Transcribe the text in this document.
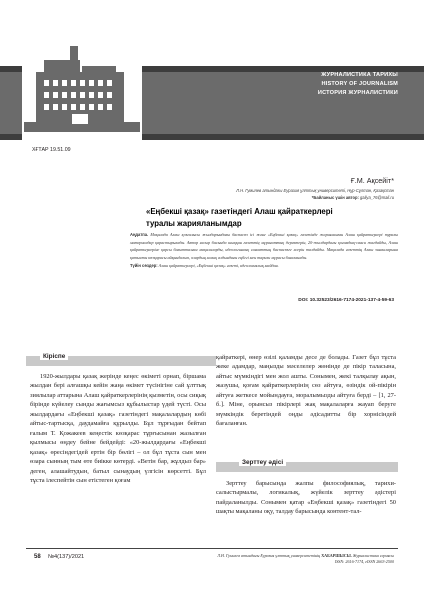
ЖУРНАЛИСТИКА ТАРИХЫ
HISTORY OF JOURNALISM
ИСТОРИЯ ЖУРНАЛИСТИКИ
ХҒТАР 19.51.09
Ғ.М. Ақсейіт*
Л.Н. Гумилев атындағы Еуразия ұлттық университеті, Нұр-Сұлтан, Қазақстан
*Байланыс үшін автор: galiya_76@mail.ru
«Еңбекші қазақ» газетіндегі Алаш қайраткерлері туралы жарияланымдар
Аңдатпа. Мақалада Алаш қозғалысы жылдарындағы баспасөз ісі және «Еңбекші қазақ» газетінде жарияланған Алаш қайраткерлері туралы материалдар қарастырылады. Автор ғасыр басында шыққан газеттің мұрағаттық деректерін, 20-жылдардағы қоғамдық-саяси жағдайды, Алаш қайраткерлеріне қарсы бағытталған мақалаларды, идеологиялық саясаттың баспасөзге әсерін талдайды. Мақалада газеттің Алаш зиялыларына қатысты көзқарасы айқындалып, олардың халық алдындағы еңбегі мен тарихи мұрасы бағаланады.
Түйін сөздер: Алаш қайраткерлері, «Еңбекші қазақ» газеті, идеологиялық майдан.
DOI: 10.32523/2616-7174-2021-137-4-59-63
Кіріспе

1920-жылдары қазақ жерінде кеңес өкіметі орнап, біршама жылдан бері алғашқы кейін жаңа өкімет түсінігіне сай ұлттық зиялылар аттарына Алаш қайраткерлерінің қызметін, осы сиқық бірінде күйелеу сынды жағымсыз құбылыстар үдей түсті. Осы жылдардағы «Еңбекші қазақ» газетіндегі мақалалардың көбі айтыс-тартысқа, даудамайға құрылды. Бұл тұрғыдан бейтап ғалым Т. Қожакеев кеңестік көзқарас тұрғысынан жазылған қылмысы өңдеу бейне бейдейді: «20-жылдардағы «Еңбекші қазақ» өресіндегідей ертін бір бөлігі – ол бұл тұста сын мен өзара сынның тым өте биікке көтерді. «Ветін бар, жұлдыз бар» деген, алашайтудын, батыл сынаудың үлгісін көрсетті. Бұл тұста ілеспейтін сын етістеген қоғам

қайраткері, өнер өзілі қаламды десе де болады. Газет бұл тұста жеке адамдар, маңызды мәселелер жөнінде де пікір таласына, айтыс мүмкіндігі мен жол ашты. Сонымен, жекі талқылау ақын, жазушы, қоғам қайраткерлерінің сөз айтуға, өзіндік ой-пікірін айтуға жеткесе мойындауға, моралымызды айтуға берді – [1, 27-б.]. Міне, орынсыз пікірлері жақ мақалаларға жауап беруге мүмкіндік беретіндей оңды әдісадитты бір хорнісіндей бағаланған.

Зерттеу әдісі

Зерттеу барысында жалпы философиялық, тарихи-салыстырмалы, логикалық, жүйелік зерттеу әдістері пайдаланылды. Сонымен қатар «Еңбекші қазақ» газетіндегі 50 шақты мақаланы оқу, талдау барысында контент-тал-

58 №4(137)/2021	Л.Н. Гумилев атындағы Еуразия ұлттық университетінің ХАБАРШЫСЫ. Журналистика сериясы
ISSN: 2616-7174, eISSN 2663-2500
